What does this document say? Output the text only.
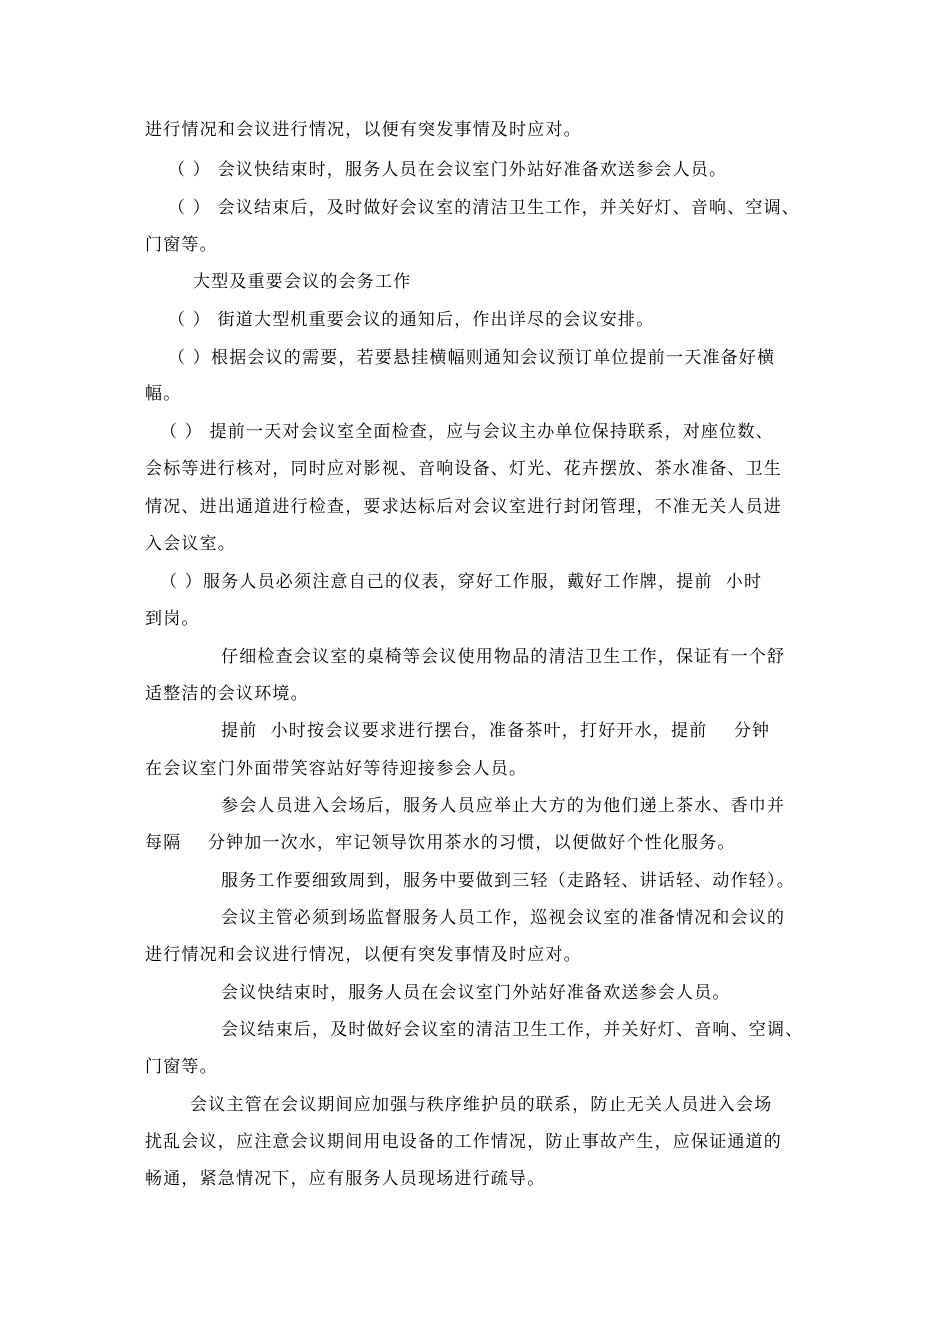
进行情况和会议进行情况，以便有突发事情及时应对。
（ ） 会议快结束时，服务人员在会议室门外站好准备欢送参会人员。
（ ） 会议结束后，及时做好会议室的清洁卫生工作，并关好灯、音响、空调、
门窗等。
大型及重要会议的会务工作
（ ） 街道大型机重要会议的通知后，作出详尽的会议安排。
（ ）根据会议的需要，若要悬挂横幅则通知会议预订单位提前一天准备好横
幅。
（ ） 提前一天对会议室全面检查，应与会议主办单位保持联系，对座位数、
会标等进行核对，同时应对影视、音响设备、灯光、花卉摆放、茶水准备、卫生
情况、进出通道进行检查，要求达标后对会议室进行封闭管理，不准无关人员进
入会议室。
（ ）服务人员必须注意自己的仪表，穿好工作服，戴好工作牌，提前  小时
到岗。
仔细检查会议室的桌椅等会议使用物品的清洁卫生工作，保证有一个舒
适整洁的会议环境。
提前  小时按会议要求进行摆台，准备茶叶，打好开水，提前    分钟
在会议室门外面带笑容站好等待迎接参会人员。
参会人员进入会场后，服务人员应举止大方的为他们递上茶水、香巾并
每隔    分钟加一次水，牢记领导饮用茶水的习惯，以便做好个性化服务。
服务工作要细致周到，服务中要做到三轻（走路轻、讲话轻、动作轻）。
会议主管必须到场监督服务人员工作，巡视会议室的准备情况和会议的
进行情况和会议进行情况，以便有突发事情及时应对。
会议快结束时，服务人员在会议室门外站好准备欢送参会人员。
会议结束后，及时做好会议室的清洁卫生工作，并关好灯、音响、空调、
门窗等。
会议主管在会议期间应加强与秩序维护员的联系，防止无关人员进入会场
扰乱会议，应注意会议期间用电设备的工作情况，防止事故产生，应保证通道的
畅通，紧急情况下，应有服务人员现场进行疏导。
